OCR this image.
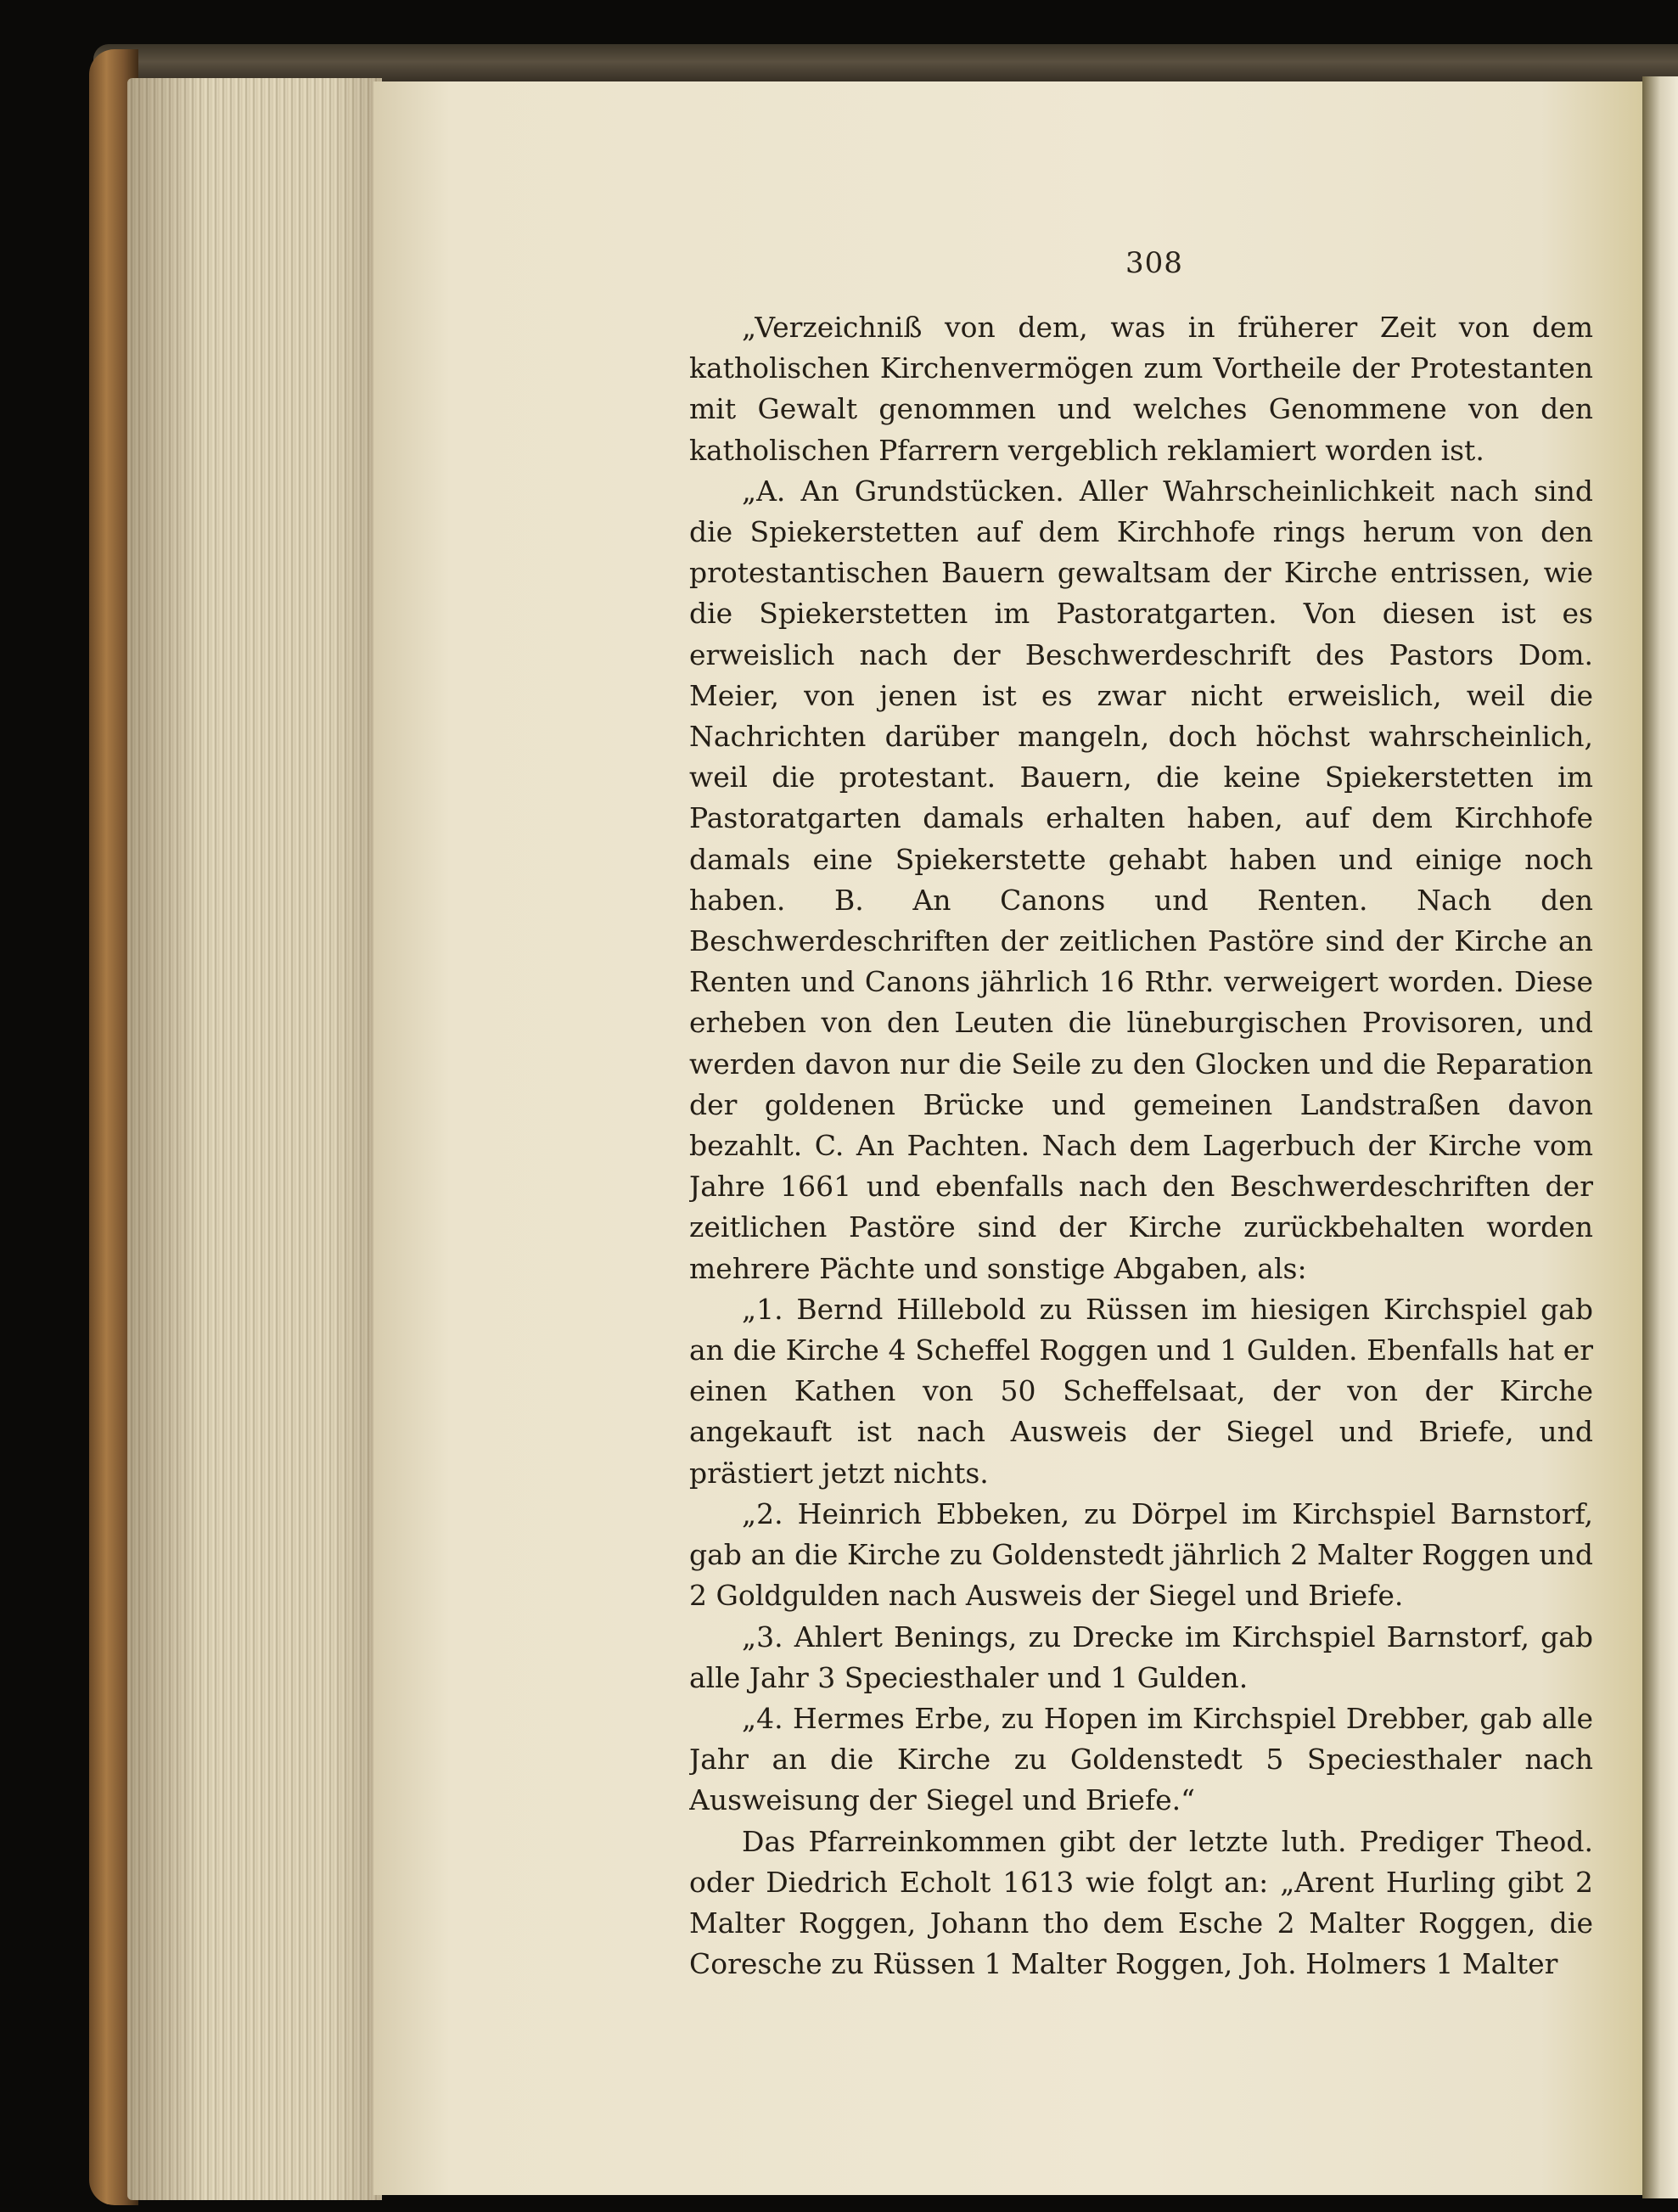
308

„Verzeichniß von dem, was in früherer Zeit von dem katholischen Kirchenvermögen zum Vortheile der Protestanten mit Gewalt genommen und welches Genommene von den katholischen Pfarrern vergeblich reklamiert worden ist.

„A. An Grundstücken. Aller Wahrscheinlichkeit nach sind die Spiekerstetten auf dem Kirchhofe rings herum von den protestantischen Bauern gewaltsam der Kirche entrissen, wie die Spiekerstetten im Pastoratgarten. Von diesen ist es erweislich nach der Beschwerdeschrift des Pastors Dom. Meier, von jenen ist es zwar nicht erweislich, weil die Nachrichten darüber mangeln, doch höchst wahrscheinlich, weil die protestant. Bauern, die keine Spiekerstetten im Pastoratgarten damals erhalten haben, auf dem Kirchhofe damals eine Spiekerstette gehabt haben und einige noch haben. B. An Canons und Renten. Nach den Beschwerdeschriften der zeitlichen Pastöre sind der Kirche an Renten und Canons jährlich 16 Rthr. verweigert worden. Diese erheben von den Leuten die lüneburgischen Provisoren, und werden davon nur die Seile zu den Glocken und die Reparation der goldenen Brücke und gemeinen Landstraßen davon bezahlt. C. An Pachten. Nach dem Lagerbuch der Kirche vom Jahre 1661 und ebenfalls nach den Beschwerdeschriften der zeitlichen Pastöre sind der Kirche zurückbehalten worden mehrere Pächte und sonstige Abgaben, als:

„1. Bernd Hillebold zu Rüssen im hiesigen Kirchspiel gab an die Kirche 4 Scheffel Roggen und 1 Gulden. Ebenfalls hat er einen Kathen von 50 Scheffelsaat, der von der Kirche angekauft ist nach Ausweis der Siegel und Briefe, und prästiert jetzt nichts.

„2. Heinrich Ebbeken, zu Dörpel im Kirchspiel Barnstorf, gab an die Kirche zu Goldenstedt jährlich 2 Malter Roggen und 2 Goldgulden nach Ausweis der Siegel und Briefe.

„3. Ahlert Benings, zu Drecke im Kirchspiel Barnstorf, gab alle Jahr 3 Speciesthaler und 1 Gulden.

„4. Hermes Erbe, zu Hopen im Kirchspiel Drebber, gab alle Jahr an die Kirche zu Goldenstedt 5 Speciesthaler nach Ausweisung der Siegel und Briefe.“

Das Pfarreinkommen gibt der letzte luth. Prediger Theod. oder Diedrich Echolt 1613 wie folgt an: „Arent Hurling gibt 2 Malter Roggen, Johann tho dem Esche 2 Malter Roggen, die Coresche zu Rüssen 1 Malter Roggen, Joh. Holmers 1 Malter
